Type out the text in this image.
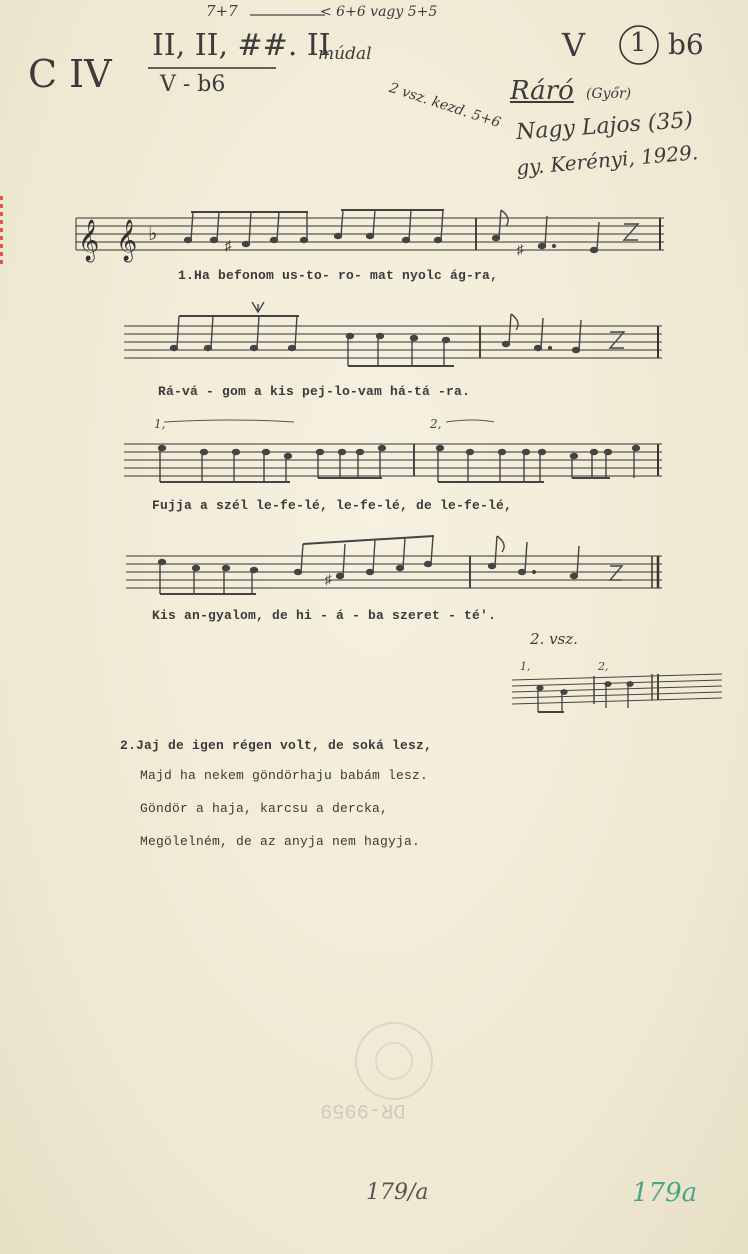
C IV
7+7	< 6+6 vagy 5+5
II, II, ##. II
V - b6
múdal
2 vsz. kezd. 5+6
V 1 b6
Ráró (Győr)
Nagy Lajos (35)
gy. Kerényi, 1929.
𝄞 𝄞 ♭
♯	♯
1.Ha befonom us-to- ro- mat nyolc ág-ra,
Rá-vá - gom a kis pej-lo-vam há-tá -ra.
1,	2,
Fujja a szél le-fe-lé, le-fe-lé, de le-fe-lé,
♯
Kis an-gyalom, de hi - á - ba szeret - té'.
2. vsz.
1,	2,
2.Jaj de igen régen volt, de soká lesz,
Majd ha nekem göndörhaju babám lesz.
Göndör a haja, karcsu a dercka,
Megölelném, de az anyja nem hagyja.
DR-9959
179/a	179a
